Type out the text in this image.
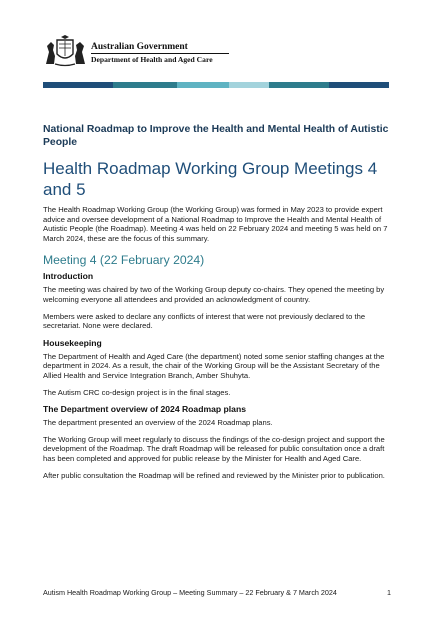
Australian Government
Department of Health and Aged Care
National Roadmap to Improve the Health and Mental Health of Autistic People
Health Roadmap Working Group Meetings 4 and 5

The Health Roadmap Working Group (the Working Group) was formed in May 2023 to provide expert advice and oversee development of a National Roadmap to Improve the Health and Mental Health of Autistic People (the Roadmap). Meeting 4 was held on 22 February 2024 and meeting 5 was held on 7 March 2024, these are the focus of this summary.

Meeting 4 (22 February 2024)
Introduction

The meeting was chaired by two of the Working Group deputy co-chairs. They opened the meeting by welcoming everyone all attendees and provided an acknowledgment of country.

Members were asked to declare any conflicts of interest that were not previously declared to the secretariat. None were declared.

Housekeeping

The Department of Health and Aged Care (the department) noted some senior staffing changes at the department in 2024. As a result, the chair of the Working Group will be the Assistant Secretary of the Allied Health and Service Integration Branch, Amber Shuhyta.

The Autism CRC co-design project is in the final stages.

The Department overview of 2024 Roadmap plans

The department presented an overview of the 2024 Roadmap plans.

The Working Group will meet regularly to discuss the findings of the co-design project and support the development of the Roadmap. The draft Roadmap will be released for public consultation once a draft has been completed and approved for public release by the Minister for Health and Aged Care.

After public consultation the Roadmap will be refined and reviewed by the Minister prior to publication.

Autism Health Roadmap Working Group – Meeting Summary – 22 February & 7 March 2024	1
